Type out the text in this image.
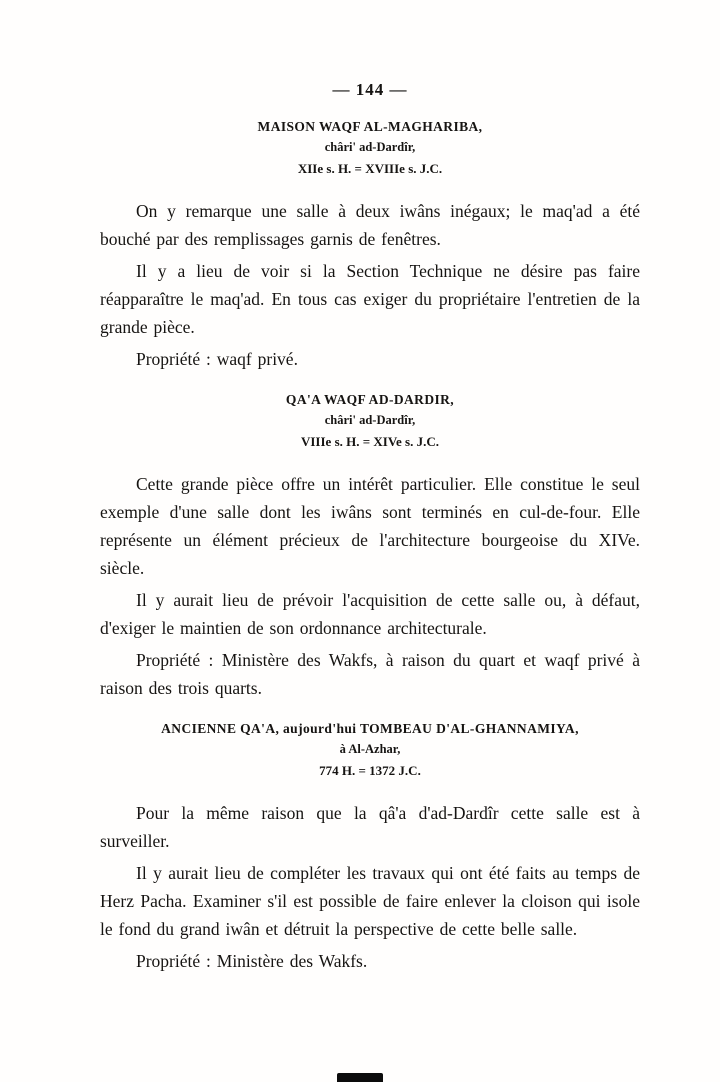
— 144 —
MAISON WAQF AL-MAGHARIBA,
châri' ad-Dardîr,
XIIe s. H. = XVIIIe s. J.C.

On y remarque une salle à deux iwâns inégaux; le maq'ad a été bouché par des remplissages garnis de fenêtres.

Il y a lieu de voir si la Section Technique ne désire pas faire réapparaître le maq'ad. En tous cas exiger du propriétaire l'entretien de la grande pièce.

Propriété : waqf privé.

QA'A WAQF AD-DARDIR,
châri' ad-Dardîr,
VIIIe s. H. = XIVe s. J.C.

Cette grande pièce offre un intérêt particulier. Elle constitue le seul exemple d'une salle dont les iwâns sont terminés en cul-de-four. Elle représente un élément précieux de l'architecture bourgeoise du XIVe. siècle.

Il y aurait lieu de prévoir l'acquisition de cette salle ou, à défaut, d'exiger le maintien de son ordonnance architecturale.

Propriété : Ministère des Wakfs, à raison du quart et waqf privé à raison des trois quarts.

ANCIENNE QA'A, aujourd'hui TOMBEAU D'AL-GHANNAMIYA,
à Al-Azhar,
774 H. = 1372 J.C.

Pour la même raison que la qâ'a d'ad-Dardîr cette salle est à surveiller.

Il y aurait lieu de compléter les travaux qui ont été faits au temps de Herz Pacha. Examiner s'il est possible de faire enlever la cloison qui isole le fond du grand iwân et détruit la perspective de cette belle salle.

Propriété : Ministère des Wakfs.
